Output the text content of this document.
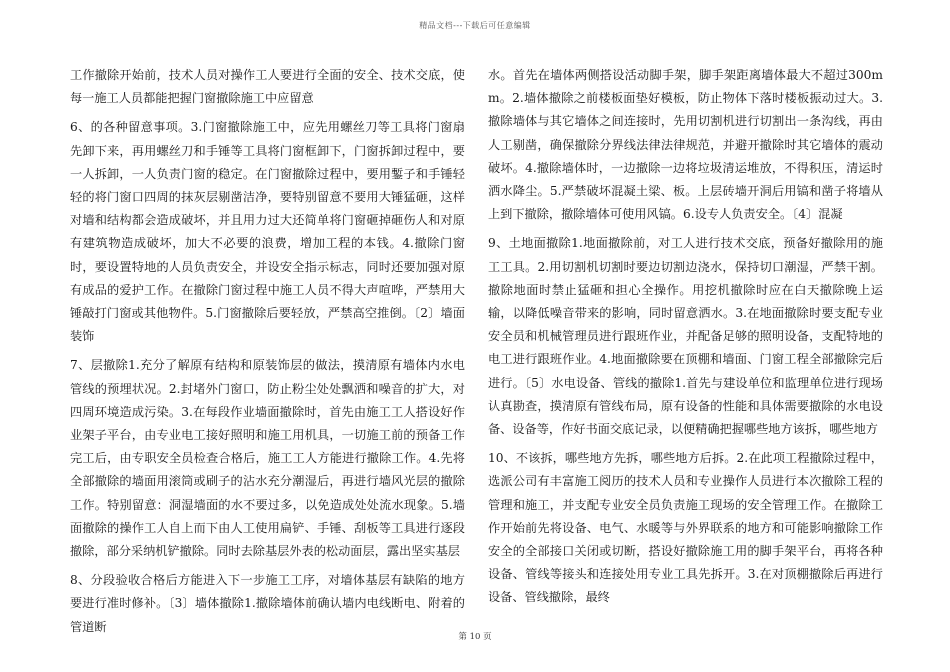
精品文档---下载后可任意编辑

工作撤除开始前，技术人员对操作工人要进行全面的安全、技术交底，使每一施工人员都能把握门窗撤除施工中应留意

6、的各种留意事项。3.门窗撤除施工中，应先用螺丝刀等工具将门窗扇先卸下来，再用螺丝刀和手锤等工具将门窗框卸下，门窗拆卸过程中，要一人拆卸，一人负责门窗的稳定。在门窗撤除过程中，要用鏨子和手锤轻轻的将门窗口四周的抹灰层剔凿洁净，要特别留意不要用大锤猛砸，这样对墙和结构都会造成破坏，并且用力过大还简单将门窗砸掉砸伤人和对原有建筑物造成破坏，加大不必要的浪费，增加工程的本钱。4.撤除门窗时，要设置特地的人员负责安全，并设安全指示标志，同时还要加强对原有成品的爱护工作。在撤除门窗过程中施工人员不得大声喧哗，严禁用大锤敲打门窗或其他物件。5.门窗撤除后要轻放，严禁高空推倒。〔2〕墙面装饰

7、层撤除1.充分了解原有结构和原装饰层的做法，摸清原有墙体内水电管线的预埋状况。2.封堵外门窗口，防止粉尘处处飘洒和噪音的扩大，对四周环境造成污染。3.在每段作业墙面撤除时，首先由施工工人搭设好作业架子平台，由专业电工接好照明和施工用机具，一切施工前的预备工作完工后，由专职安全员检查合格后，施工工人方能进行撤除工作。4.先将全部撤除的墙面用滚筒或刷子的沾水充分潮湿后，再进行墙风光层的撤除工作。特别留意：洞湿墙面的水不要过多，以免造成处处流水现象。5.墙面撤除的操作工人自上而下由人工使用扁铲、手锤、刮板等工具进行逐段撤除，部分采纳机铲撤除。同时去除基层外表的松动面层，露出坚实基层

8、分段验收合格后方能进入下一步施工工序，对墙体基层有缺陷的地方要进行准时修补。〔3〕墙体撤除1.撤除墙体前确认墙内电线断电、附着的管道断

水。首先在墙体两侧搭设活动脚手架，脚手架距离墙体最大不超过300mm。2.墙体撤除之前楼板面垫好模板，防止物体下落时楼板振动过大。3.撤除墙体与其它墙体之间连接时，先用切割机进行切割出一条沟线，再由人工剔凿，确保撤除分界线法律法律规范，并避开撤除时其它墙体的震动破坏。4.撤除墙体时，一边撤除一边将垃圾清运堆放，不得积压，清运时洒水降尘。5.严禁破坏混凝土梁、板。上层砖墙开洞后用镐和凿子将墙从上到下撤除，撤除墙体可使用风镐。6.设专人负责安全。〔4〕混凝

9、土地面撤除1.地面撤除前，对工人进行技术交底，预备好撤除用的施工工具。2.用切割机切割时要边切割边浇水，保持切口潮湿，严禁干割。撤除地面时禁止猛砸和担心全操作。用挖机撤除时应在白天撤除晚上运输，以降低噪音带来的影响，同时留意洒水。3.在地面撤除时要支配专业安全员和机械管理员进行跟班作业，并配备足够的照明设备，支配特地的电工进行跟班作业。4.地面撤除要在顶棚和墙面、门窗工程全部撤除完后进行。〔5〕水电设备、管线的撤除1.首先与建设单位和监理单位进行现场认真勘查，摸清原有管线布局，原有设备的性能和具体需要撤除的水电设备、设备等，作好书面交底记录，以便精确把握哪些地方该拆，哪些地方

10、不该拆，哪些地方先拆，哪些地方后拆。2.在此项工程撤除过程中，选派公司有丰富施工阅历的技术人员和专业操作人员进行本次撤除工程的管理和施工，并支配专业安全员负责施工现场的安全管理工作。在撤除工作开始前先将设备、电气、水暖等与外界联系的地方和可能影响撤除工作安全的全部接口关闭或切断，搭设好撤除施工用的脚手架平台，再将各种设备、管线等接头和连接处用专业工具先拆开。3.在对顶棚撤除后再进行设备、管线撤除，最终

第 10 页
